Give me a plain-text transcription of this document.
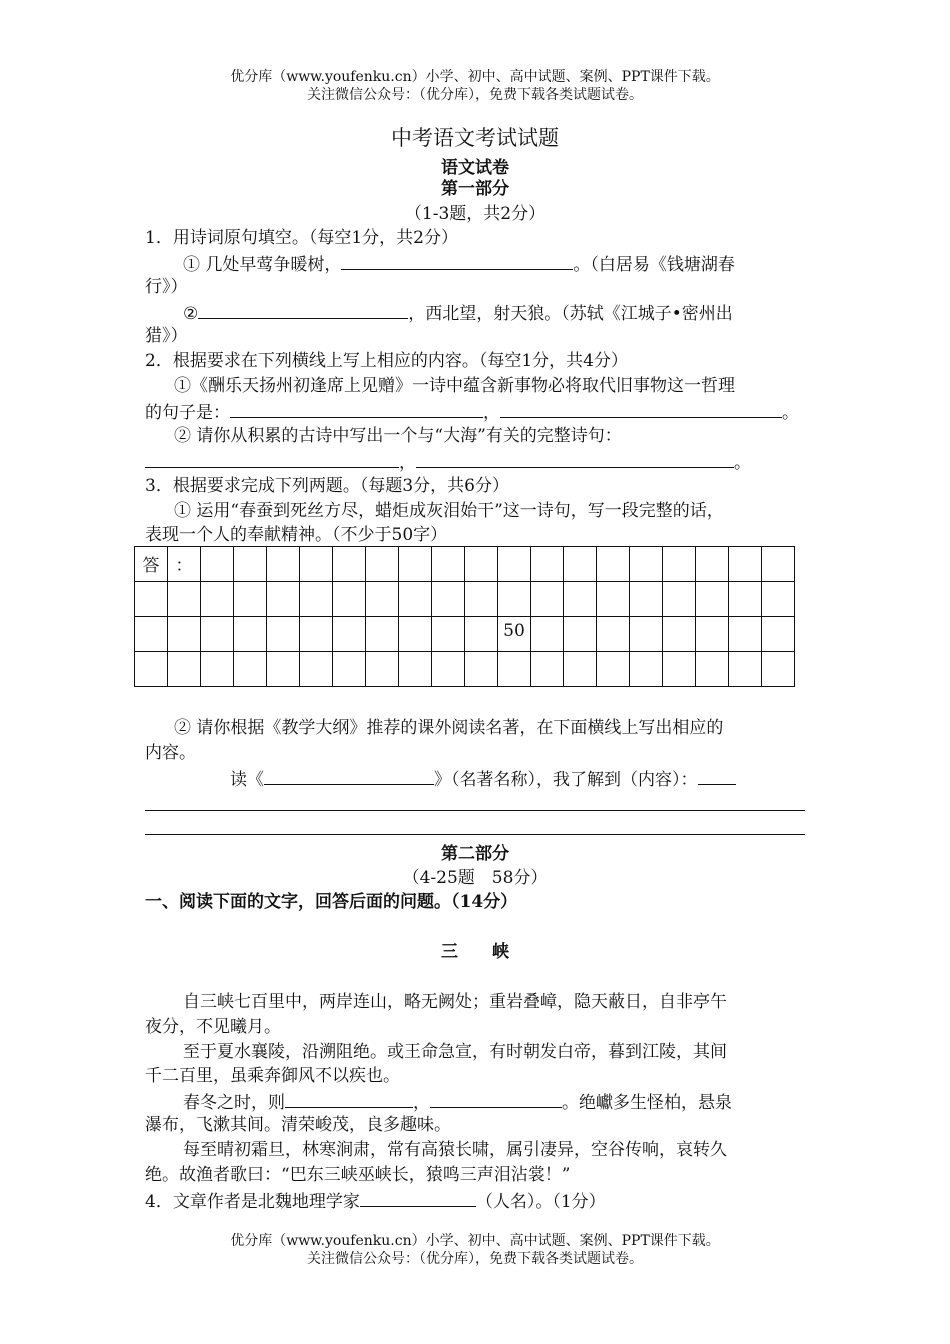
优分库（www.youfenku.cn）小学、初中、高中试题、案例、PPT课件下载。
关注微信公众号：（优分库），免费下载各类试题试卷。
中考语文考试试题
语文试卷
第一部分
（1-3题，共2分）
1．用诗词原句填空。（每空1分，共2分）
① 几处早莺争暖树，	。（白居易《钱塘湖春
行》）
②	，西北望，射天狼。（苏轼《江城子•密州出
猎》）
2．根据要求在下列横线上写上相应的内容。（每空1分，共4分）
①《酬乐天扬州初逢席上见赠》一诗中蕴含新事物必将取代旧事物这一哲理
的句子是：	，	。
② 请你从积累的古诗中写出一个与“大海”有关的完整诗句：
，	。
3．根据要求完成下列两题。（每题3分，共6分）
① 运用“春蚕到死丝方尽，蜡炬成灰泪始干”这一诗句，写一段完整的话，
表现一个人的奉献精神。（不少于50字）
答	：																		

											50								

② 请你根据《教学大纲》推荐的课外阅读名著，在下面横线上写出相应的
内容。
读《	》（名著名称），我了解到（内容）：
第二部分
（4-25题　58分）
一、阅读下面的文字，回答后面的问题。（14分）
三　　峡
自三峡七百里中，两岸连山，略无阙处；重岩叠嶂，隐天蔽日，自非亭午
夜分，不见曦月。
至于夏水襄陵，沿溯阻绝。或王命急宣，有时朝发白帝，暮到江陵，其间
千二百里，虽乘奔御风不以疾也。
春冬之时，则	，	。绝巘多生怪柏，悬泉
瀑布，飞漱其间。清荣峻茂，良多趣味。
每至晴初霜旦，林寒涧肃，常有高猿长啸，属引凄异，空谷传响，哀转久
绝。故渔者歌曰：“巴东三峡巫峡长，猿鸣三声泪沾裳！”
4．文章作者是北魏地理学家	（人名）。（1分）
优分库（www.youfenku.cn）小学、初中、高中试题、案例、PPT课件下载。
关注微信公众号：（优分库），免费下载各类试题试卷。
